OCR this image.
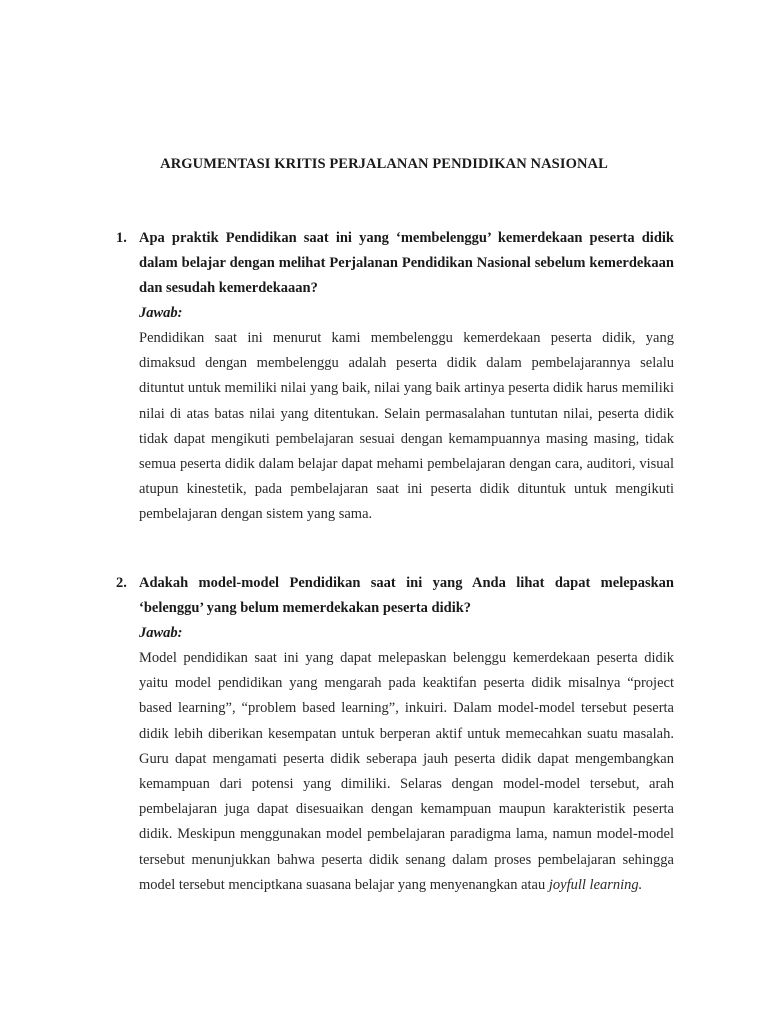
ARGUMENTASI KRITIS PERJALANAN PENDIDIKAN NASIONAL
1. Apa praktik Pendidikan saat ini yang ‘membelenggu’ kemerdekaan peserta didik dalam belajar dengan melihat Perjalanan Pendidikan Nasional sebelum kemerdekaan dan sesudah kemerdekaaan?

Jawab:

Pendidikan saat ini menurut kami membelenggu kemerdekaan peserta didik, yang dimaksud dengan membelenggu adalah peserta didik dalam pembelajarannya selalu dituntut untuk memiliki nilai yang baik, nilai yang baik artinya peserta didik harus memiliki nilai di atas batas nilai yang ditentukan. Selain permasalahan tuntutan nilai, peserta didik tidak dapat mengikuti pembelajaran sesuai dengan kemampuannya masing masing, tidak semua peserta didik dalam belajar dapat mehami pembelajaran dengan cara, auditori, visual atupun kinestetik, pada pembelajaran saat ini peserta didik dituntuk untuk mengikuti pembelajaran dengan sistem yang sama.

2. Adakah model-model Pendidikan saat ini yang Anda lihat dapat melepaskan ‘belenggu’ yang belum memerdekakan peserta didik?

Jawab:

Model pendidikan saat ini yang dapat melepaskan belenggu kemerdekaan peserta didik yaitu model pendidikan yang mengarah pada keaktifan peserta didik misalnya “project based learning”, “problem based learning”, inkuiri. Dalam model-model tersebut peserta didik lebih diberikan kesempatan untuk berperan aktif untuk memecahkan suatu masalah. Guru dapat mengamati peserta didik seberapa jauh peserta didik dapat mengembangkan kemampuan dari potensi yang dimiliki. Selaras dengan model-model tersebut, arah pembelajaran juga dapat disesuaikan dengan kemampuan maupun karakteristik peserta didik. Meskipun menggunakan model pembelajaran paradigma lama, namun model-model tersebut menunjukkan bahwa peserta didik senang dalam proses pembelajaran sehingga model tersebut menciptkana suasana belajar yang menyenangkan atau joyfull learning.
